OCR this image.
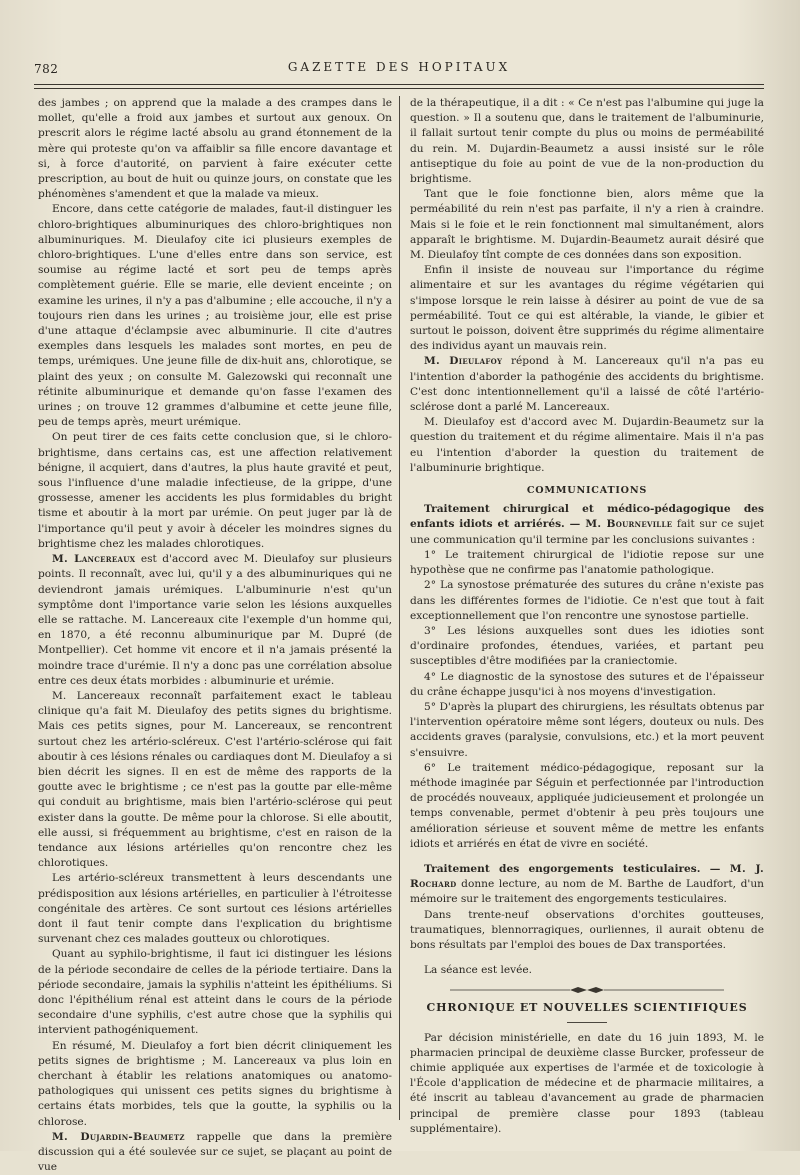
782	GAZETTE DES HOPITAUX

des jambes ; on apprend que la malade a des crampes dans le mollet, qu'elle a froid aux jambes et surtout aux genoux. On prescrit alors le régime lacté absolu au grand étonnement de la mère qui proteste qu'on va affaiblir sa fille encore davantage et si, à force d'autorité, on parvient à faire exécuter cette prescription, au bout de huit ou quinze jours, on constate que les phénomènes s'amendent et que la malade va mieux.

Encore, dans cette catégorie de malades, faut-il distinguer les chloro-brightiques albuminuriques des chloro-brightiques non albuminuriques. M. Dieulafoy cite ici plusieurs exemples de chloro-brightiques. L'une d'elles entre dans son service, est soumise au régime lacté et sort peu de temps après complètement guérie. Elle se marie, elle devient enceinte ; on examine les urines, il n'y a pas d'albumine ; elle accouche, il n'y a toujours rien dans les urines ; au troisième jour, elle est prise d'une attaque d'éclampsie avec albuminurie. Il cite d'autres exemples dans lesquels les malades sont mortes, en peu de temps, urémiques. Une jeune fille de dix-huit ans, chlorotique, se plaint des yeux ; on consulte M. Galezowski qui reconnaît une rétinite albuminurique et demande qu'on fasse l'examen des urines ; on trouve 12 grammes d'albumine et cette jeune fille, peu de temps après, meurt urémique.

On peut tirer de ces faits cette conclusion que, si le chloro-brightisme, dans certains cas, est une affection relativement bénigne, il acquiert, dans d'autres, la plus haute gravité et peut, sous l'influence d'une maladie infectieuse, de la grippe, d'une grossesse, amener les accidents les plus formidables du bright tisme et aboutir à la mort par urémie. On peut juger par là de l'importance qu'il peut y avoir à déceler les moindres signes du brightisme chez les malades chlorotiques.

M. Lancereaux est d'accord avec M. Dieulafoy sur plusieurs points. Il reconnaît, avec lui, qu'il y a des albuminuriques qui ne deviendront jamais urémiques. L'albuminurie n'est qu'un symptôme dont l'importance varie selon les lésions auxquelles elle se rattache. M. Lancereaux cite l'exemple d'un homme qui, en 1870, a été reconnu albuminurique par M. Dupré (de Montpellier). Cet homme vit encore et il n'a jamais présenté la moindre trace d'urémie. Il n'y a donc pas une corrélation absolue entre ces deux états morbides : albuminurie et urémie.

M. Lancereaux reconnaît parfaitement exact le tableau clinique qu'a fait M. Dieulafoy des petits signes du brightisme. Mais ces petits signes, pour M. Lancereaux, se rencontrent surtout chez les artério-scléreux. C'est l'artério-sclérose qui fait aboutir à ces lésions rénales ou cardiaques dont M. Dieulafoy a si bien décrit les signes. Il en est de même des rapports de la goutte avec le brightisme ; ce n'est pas la goutte par elle-même qui conduit au brightisme, mais bien l'artério-sclérose qui peut exister dans la goutte. De même pour la chlorose. Si elle aboutit, elle aussi, si fréquemment au brightisme, c'est en raison de la tendance aux lésions artérielles qu'on rencontre chez les chlorotiques.

Les artério-scléreux transmettent à leurs descendants une prédisposition aux lésions artérielles, en particulier à l'étroitesse congénitale des artères. Ce sont surtout ces lésions artérielles dont il faut tenir compte dans l'explication du brightisme survenant chez ces malades goutteux ou chlorotiques.

Quant au syphilo-brightisme, il faut ici distinguer les lésions de la période secondaire de celles de la période tertiaire. Dans la période secondaire, jamais la syphilis n'atteint les épithéliums. Si donc l'épithélium rénal est atteint dans le cours de la période secondaire d'une syphilis, c'est autre chose que la syphilis qui intervient pathogéniquement.

En résumé, M. Dieulafoy a fort bien décrit cliniquement les petits signes de brightisme ; M. Lancereaux va plus loin en cherchant à établir les relations anatomiques ou anatomo-pathologiques qui unissent ces petits signes du brightisme à certains états morbides, tels que la goutte, la syphilis ou la chlorose.

M. Dujardin-Beaumetz rappelle que dans la première discussion qui a été soulevée sur ce sujet, se plaçant au point de vue

de la thérapeutique, il a dit : « Ce n'est pas l'albumine qui juge la question. » Il a soutenu que, dans le traitement de l'albuminurie, il fallait surtout tenir compte du plus ou moins de perméabilité du rein. M. Dujardin-Beaumetz a aussi insisté sur le rôle antiseptique du foie au point de vue de la non-production du brightisme.

Tant que le foie fonctionne bien, alors même que la perméabilité du rein n'est pas parfaite, il n'y a rien à craindre. Mais si le foie et le rein fonctionnent mal simultanément, alors apparaît le brightisme. M. Dujardin-Beaumetz aurait désiré que M. Dieulafoy tînt compte de ces données dans son exposition.

Enfin il insiste de nouveau sur l'importance du régime alimentaire et sur les avantages du régime végétarien qui s'impose lorsque le rein laisse à désirer au point de vue de sa perméabilité. Tout ce qui est altérable, la viande, le gibier et surtout le poisson, doivent être supprimés du régime alimentaire des individus ayant un mauvais rein.

M. Dieulafoy répond à M. Lancereaux qu'il n'a pas eu l'intention d'aborder la pathogénie des accidents du brightisme. C'est donc intentionnellement qu'il a laissé de côté l'artério-sclérose dont a parlé M. Lancereaux.

M. Dieulafoy est d'accord avec M. Dujardin-Beaumetz sur la question du traitement et du régime alimentaire. Mais il n'a pas eu l'intention d'aborder la question du traitement de l'albuminurie brightique.

COMMUNICATIONS

Traitement chirurgical et médico-pédagogique des enfants idiots et arriérés. — M. Bourneville fait sur ce sujet une communication qu'il termine par les conclusions suivantes :

1° Le traitement chirurgical de l'idiotie repose sur une hypothèse que ne confirme pas l'anatomie pathologique.

2° La synostose prématurée des sutures du crâne n'existe pas dans les différentes formes de l'idiotie. Ce n'est que tout à fait exceptionnellement que l'on rencontre une synostose partielle.

3° Les lésions auxquelles sont dues les idioties sont d'ordinaire profondes, étendues, variées, et partant peu susceptibles d'être modifiées par la craniectomie.

4° Le diagnostic de la synostose des sutures et de l'épaisseur du crâne échappe jusqu'ici à nos moyens d'investigation.

5° D'après la plupart des chirurgiens, les résultats obtenus par l'intervention opératoire même sont légers, douteux ou nuls. Des accidents graves (paralysie, convulsions, etc.) et la mort peuvent s'ensuivre.

6° Le traitement médico-pédagogique, reposant sur la méthode imaginée par Séguin et perfectionnée par l'introduction de procédés nouveaux, appliquée judicieusement et prolongée un temps convenable, permet d'obtenir à peu près toujours une amélioration sérieuse et souvent même de mettre les enfants idiots et arriérés en état de vivre en société.

Traitement des engorgements testiculaires. — M. J. Rochard donne lecture, au nom de M. Barthe de Laudfort, d'un mémoire sur le traitement des engorgements testiculaires.

Dans trente-neuf observations d'orchites goutteuses, traumatiques, blennorragiques, ourliennes, il aurait obtenu de bons résultats par l'emploi des boues de Dax transportées.

La séance est levée.

CHRONIQUE ET NOUVELLES SCIENTIFIQUES

Par décision ministérielle, en date du 16 juin 1893, M. le pharmacien principal de deuxième classe Burcker, professeur de chimie appliquée aux expertises de l'armée et de toxicologie à l'École d'application de médecine et de pharmacie militaires, a été inscrit au tableau d'avancement au grade de pharmacien principal de première classe pour 1893 (tableau supplémentaire).
